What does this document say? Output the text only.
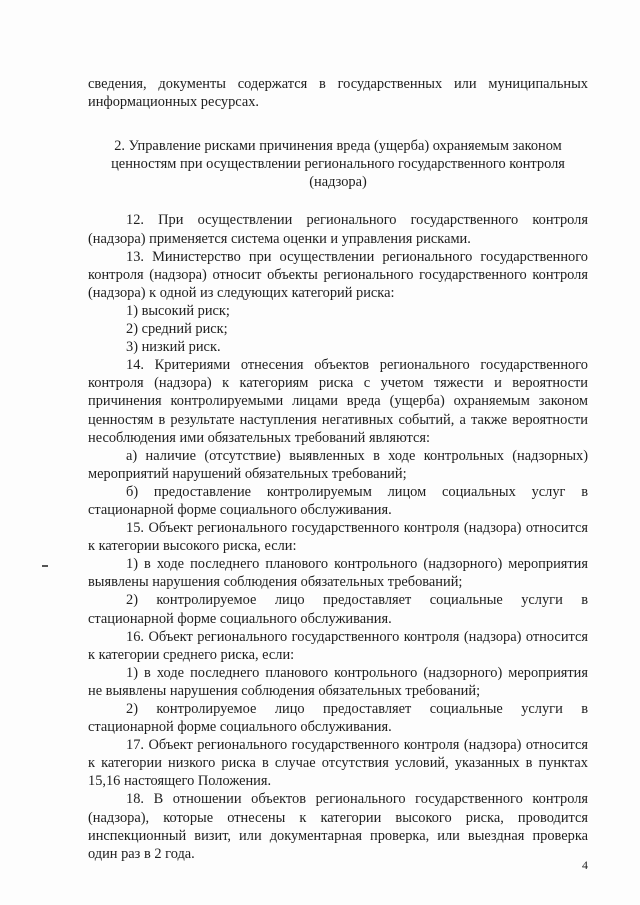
сведения, документы содержатся в государственных или муниципальных информационных ресурсах.

2. Управление рисками причинения вреда (ущерба) охраняемым законом
ценностям при осуществлении регионального государственного контроля
(надзора)

12. При осуществлении регионального государственного контроля (надзора) применяется система оценки и управления рисками.

13. Министерство при осуществлении регионального государственного контроля (надзора) относит объекты регионального государственного контроля (надзора) к одной из следующих категорий риска:

1) высокий риск;

2) средний риск;

3) низкий риск.

14. Критериями отнесения объектов регионального государственного контроля (надзора) к категориям риска с учетом тяжести и вероятности причинения контролируемыми лицами вреда (ущерба) охраняемым законом ценностям в результате наступления негативных событий, а также вероятности несоблюдения ими обязательных требований являются:

а) наличие (отсутствие) выявленных в ходе контрольных (надзорных) мероприятий нарушений обязательных требований;

б) предоставление контролируемым лицом социальных услуг в стационарной форме социального обслуживания.

15. Объект регионального государственного контроля (надзора) относится к категории высокого риска, если:

1) в ходе последнего планового контрольного (надзорного) мероприятия выявлены нарушения соблюдения обязательных требований;

2) контролируемое лицо предоставляет социальные услуги в стационарной форме социального обслуживания.

16. Объект регионального государственного контроля (надзора) относится к категории среднего риска, если:

1) в ходе последнего планового контрольного (надзорного) мероприятия не выявлены нарушения соблюдения обязательных требований;

2) контролируемое лицо предоставляет социальные услуги в стационарной форме социального обслуживания.

17. Объект регионального государственного контроля (надзора) относится к категории низкого риска в случае отсутствия условий, указанных в пунктах 15,16 настоящего Положения.

18. В отношении объектов регионального государственного контроля (надзора), которые отнесены к категории высокого риска, проводится инспекционный визит, или документарная проверка, или выездная проверка один раз в 2 года.

4
